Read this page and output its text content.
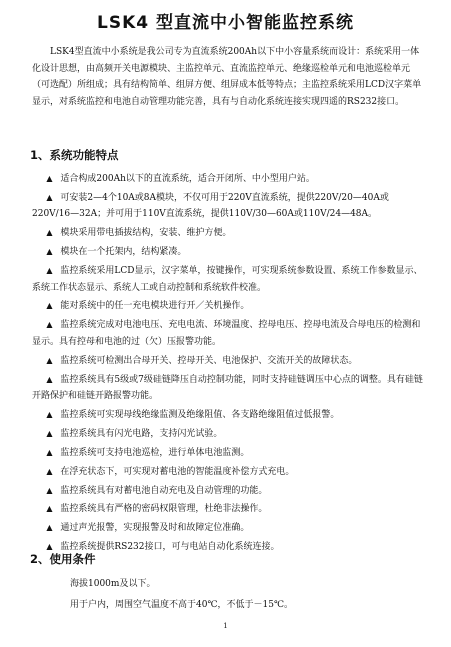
LSK4 型直流中小智能监控系统

LSK4型直流中小系统是我公司专为直流系统200Ah以下中小容量系统而设计：系统采用一体化设计思想，由高频开关电源模块、主监控单元、直流监控单元、绝缘巡检单元和电池巡检单元（可选配）所组成；具有结构简单、组屏方便、组屏成本低等特点；主监控系统采用LCD汉字菜单显示，对系统监控和电池自动管理功能完善，具有与自动化系统连接实现四遥的RS232接口。

1、系统功能特点
▲ 适合构成200Ah以下的直流系统，适合开闭所、中小型用户站。
▲ 可安装2—4个10A或8A模块，不仅可用于220V直流系统，提供220V/20—40A或220V/16—32A；并可用于110V直流系统，提供110V/30—60A或110V/24—48A。
▲ 模块采用带电插拔结构，安装、维护方便。
▲ 模块在一个托架内，结构紧凑。
▲ 监控系统采用LCD显示，汉字菜单，按键操作，可实现系统参数设置、系统工作参数显示、系统工作状态显示、系统人工或自动控制和系统软件校准。
▲ 能对系统中的任一充电模块进行开／关机操作。
▲ 监控系统完成对电池电压、充电电流、环境温度、控母电压、控母电流及合母电压的检测和显示。具有控母和电池的过（欠）压报警功能。
▲ 监控系统可检测出合母开关、控母开关、电池保护、交流开关的故障状态。
▲ 监控系统具有5级或7级硅链降压自动控制功能，同时支持硅链调压中心点的调整。具有硅链开路保护和硅链开路报警功能。
▲ 监控系统可实现母线绝缘监测及绝缘阻值、各支路绝缘阻值过低报警。
▲ 监控系统具有闪光电路，支持闪光试验。
▲ 监控系统可支持电池巡检，进行单体电池监测。
▲ 在浮充状态下，可实现对蓄电池的智能温度补偿方式充电。
▲ 监控系统具有对蓄电池自动充电及自动管理的功能。
▲ 监控系统具有严格的密码权限管理，杜绝非法操作。
▲ 通过声光报警，实现报警及时和故障定位准确。
▲ 监控系统提供RS232接口，可与电站自动化系统连接。
2、使用条件

海拔1000m及以下。

用于户内，周围空气温度不高于40℃，不低于－15℃。

1
